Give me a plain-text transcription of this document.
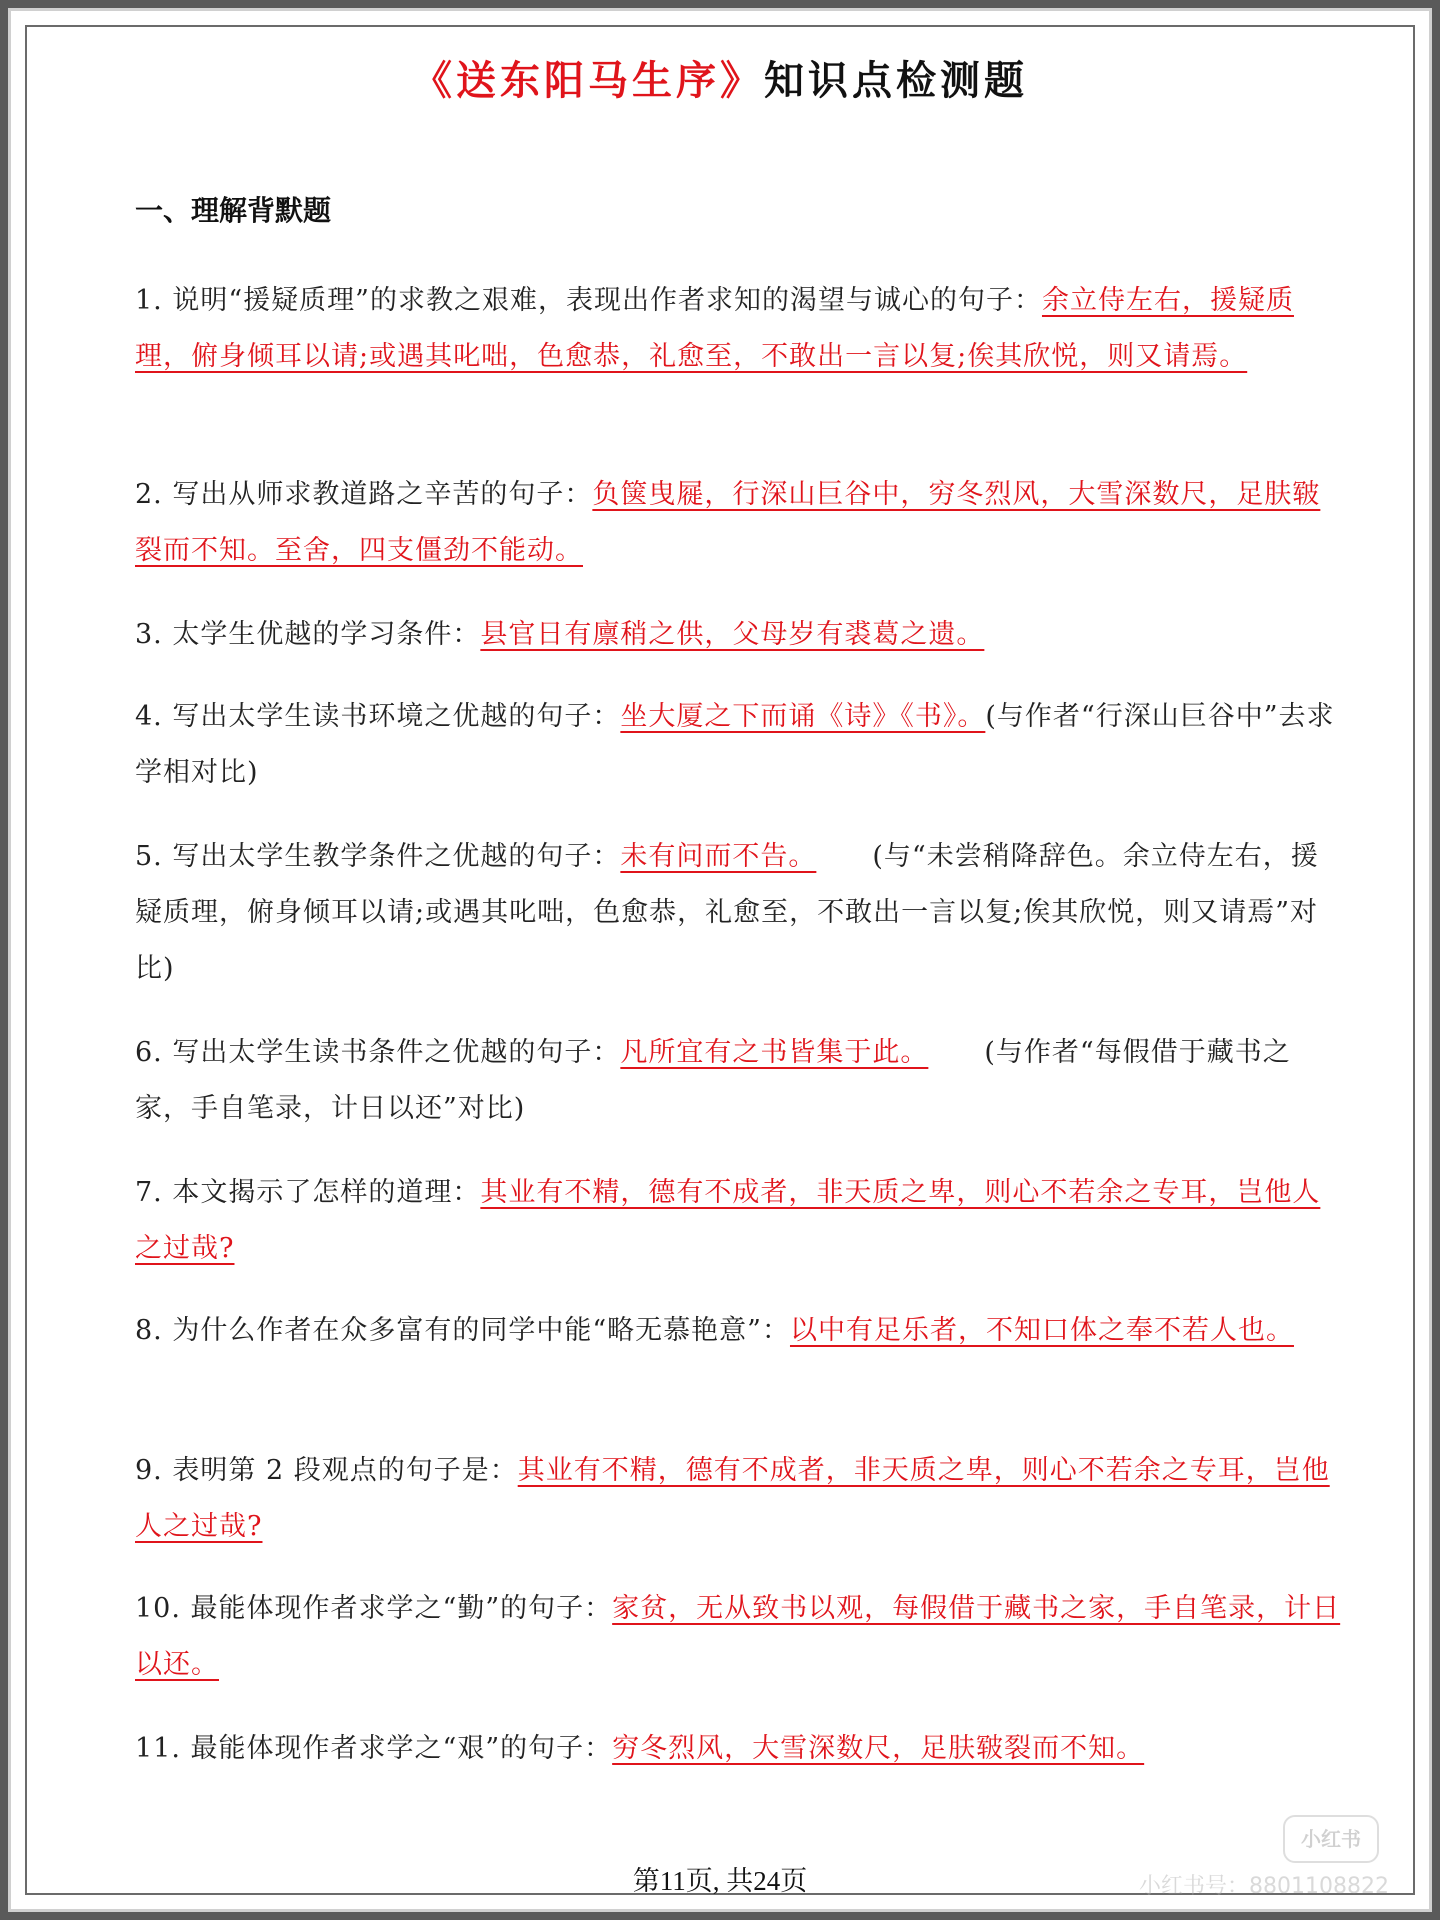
《送东阳马生序》知识点检测题
一、理解背默题
1. 说明“援疑质理”的求教之艰难，表现出作者求知的渴望与诚心的句子：余立侍左右，援疑质理，俯身倾耳以请;或遇其叱咄，色愈恭，礼愈至，不敢出一言以复;俟其欣悦，则又请焉。
2. 写出从师求教道路之辛苦的句子：负箧曳屣，行深山巨谷中，穷冬烈风，大雪深数尺，足肤皲裂而不知。至舍，四支僵劲不能动。
3. 太学生优越的学习条件：县官日有廪稍之供，父母岁有裘葛之遗。
4. 写出太学生读书环境之优越的句子：坐大厦之下而诵《诗》《书》。(与作者“行深山巨谷中”去求学相对比)
5. 写出太学生教学条件之优越的句子：未有问而不告。 (与“未尝稍降辞色。余立侍左右，援疑质理，俯身倾耳以请;或遇其叱咄，色愈恭，礼愈至，不敢出一言以复;俟其欣悦，则又请焉”对比)
6. 写出太学生读书条件之优越的句子：凡所宜有之书皆集于此。 (与作者“每假借于藏书之家，手自笔录，计日以还”对比)
7. 本文揭示了怎样的道理：其业有不精，德有不成者，非天质之卑，则心不若余之专耳，岂他人之过哉?
8. 为什么作者在众多富有的同学中能“略无慕艳意”：以中有足乐者，不知口体之奉不若人也。
9. 表明第 2 段观点的句子是：其业有不精，德有不成者，非天质之卑，则心不若余之专耳，岂他人之过哉?
10. 最能体现作者求学之“勤”的句子：家贫，无从致书以观，每假借于藏书之家，手自笔录，计日以还。
11. 最能体现作者求学之“艰”的句子：穷冬烈风，大雪深数尺，足肤皲裂而不知。
第11页, 共24页
小红书
小红书号：8801108822
